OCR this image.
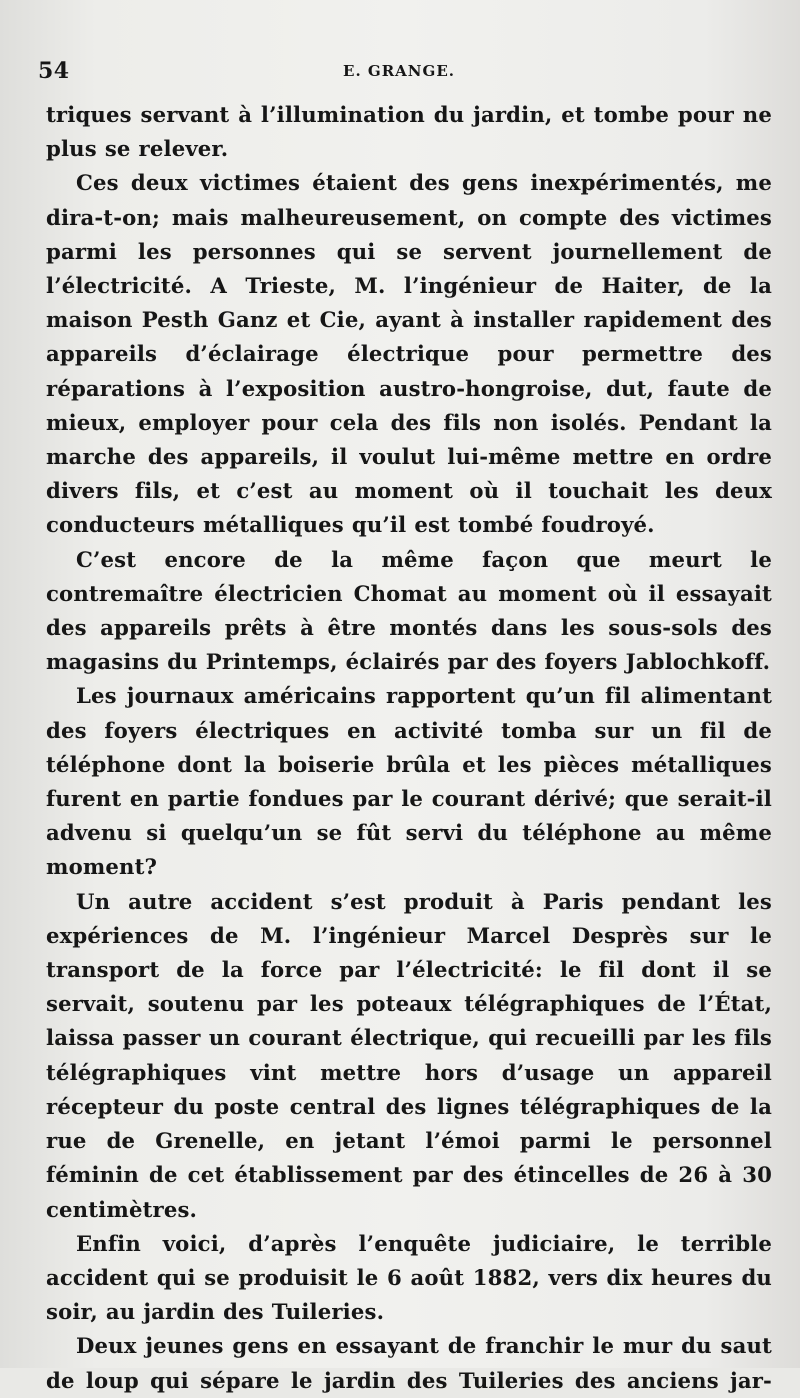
54	E. GRANGE.

triques servant à l’illumination du jardin, et tombe pour ne plus se relever.

Ces deux victimes étaient des gens inexpérimentés, me dira-t-on; mais malheureusement, on compte des victimes parmi les personnes qui se servent journellement de l’électricité. A Trieste, M. l’ingénieur de Haiter, de la maison Pesth Ganz et Cie, ayant à installer rapidement des appareils d’éclairage électrique pour permettre des réparations à l’exposition austro-hongroise, dut, faute de mieux, employer pour cela des fils non isolés. Pendant la marche des appareils, il voulut lui-même mettre en ordre divers fils, et c’est au moment où il touchait les deux conducteurs métalliques qu’il est tombé foudroyé.

C’est encore de la même façon que meurt le contremaître électricien Chomat au moment où il essayait des appareils prêts à être montés dans les sous-sols des magasins du Printemps, éclairés par des foyers Jablochkoff.

Les journaux américains rapportent qu’un fil alimentant des foyers électriques en activité tomba sur un fil de téléphone dont la boiserie brûla et les pièces métalliques furent en partie fondues par le courant dérivé; que serait-il advenu si quelqu’un se fût servi du téléphone au même moment?

Un autre accident s’est produit à Paris pendant les expériences de M. l’ingénieur Marcel Desprès sur le transport de la force par l’électricité: le fil dont il se servait, soutenu par les poteaux télégraphiques de l’État, laissa passer un courant électrique, qui recueilli par les fils télégraphiques vint mettre hors d’usage un appareil récepteur du poste central des lignes télégraphiques de la rue de Grenelle, en jetant l’émoi parmi le personnel féminin de cet établissement par des étincelles de 26 à 30 centimètres.

Enfin voici, d’après l’enquête judiciaire, le terrible accident qui se produisit le 6 août 1882, vers dix heures du soir, au jardin des Tuileries.

Deux jeunes gens en essayant de franchir le mur du saut de loup qui sépare le jardin des Tuileries des anciens jar-
